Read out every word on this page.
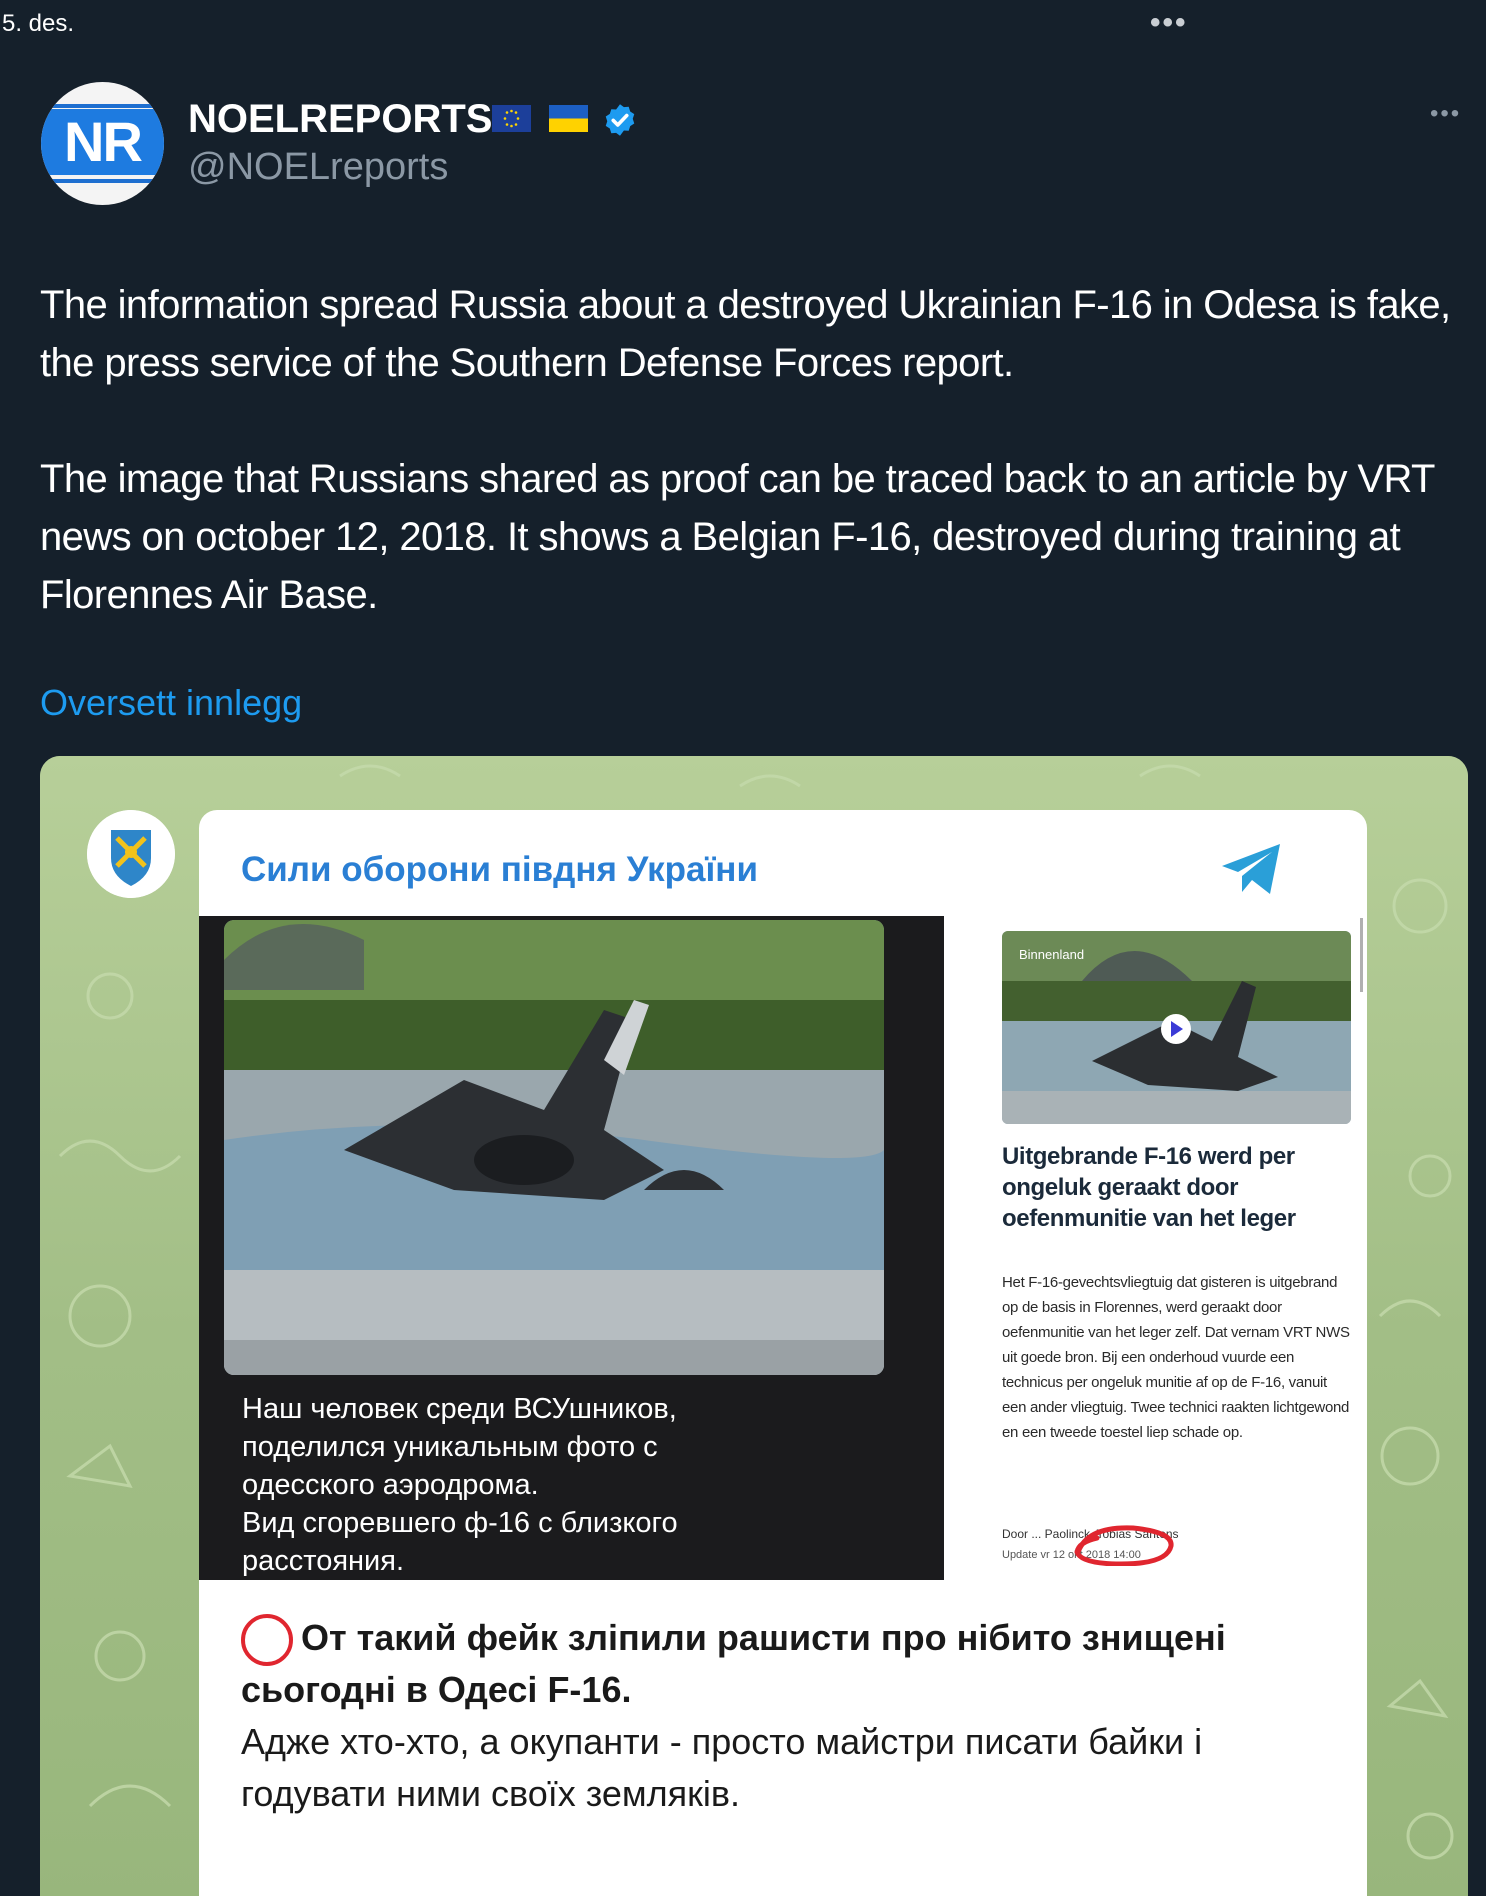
5. des.	•••
NR	NOELREPORTS
@NOELreports
•••

The information spread Russia about a destroyed Ukrainian F-16 in Odesa is fake, the press service of the Southern Defense Forces report.

The image that Russians shared as proof can be traced back to an article by VRT news on october 12, 2018. It shows a Belgian F-16, destroyed during training at Florennes Air Base.

Oversett innlegg
Сили оборони півдня України
Наш человек среди ВСУшников,
поделился уникальным фото с
одесского аэродрома.
Вид сгоревшего ф-16 с близкого
расстояния.
Binnenland
Uitgebrande F-16 werd per ongeluk geraakt door oefenmunitie van het leger
Het F-16-gevechtsvliegtuig dat gisteren is uitgebrand op de basis in Florennes, werd geraakt door oefenmunitie van het leger zelf. Dat vernam VRT NWS uit goede bron. Bij een onderhoud vuurde een technicus per ongeluk munitie af op de F-16, vanuit een ander vliegtuig. Twee technici raakten lichtgewond en een tweede toestel liep schade op.
Door ... Paolinck, Tobias Santens
Update vr 12 okt 2018 14:00
От такий фейк зліпили рашисти про нібито знищені
сьогодні в Одесі F-16.
Адже хто-хто, а окупанти - просто майстри писати байки і годувати ними своїх земляків.
